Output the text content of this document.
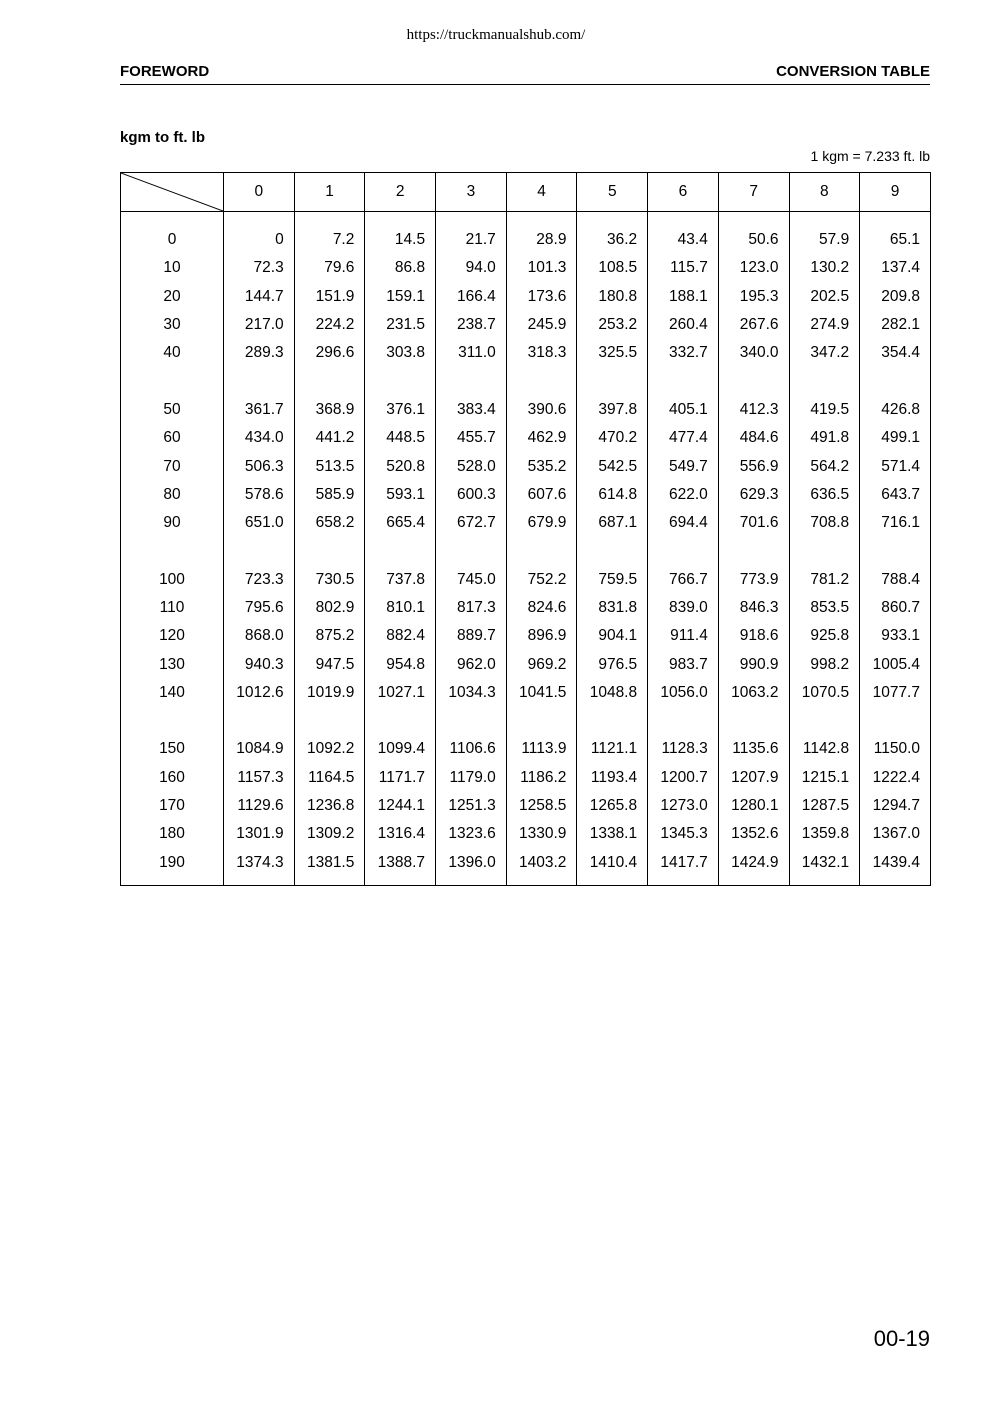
https://truckmanualshub.com/
FOREWORD	CONVERSION TABLE
kgm to ft. lb
1 kgm = 7.233 ft. lb
	0	1	2	3	4	5	6	7	8	9

0	0	7.2	14.5	21.7	28.9	36.2	43.4	50.6	57.9	65.1
10	72.3	79.6	86.8	94.0	101.3	108.5	115.7	123.0	130.2	137.4
20	144.7	151.9	159.1	166.4	173.6	180.8	188.1	195.3	202.5	209.8
30	217.0	224.2	231.5	238.7	245.9	253.2	260.4	267.6	274.9	282.1
40	289.3	296.6	303.8	311.0	318.3	325.5	332.7	340.0	347.2	354.4

50	361.7	368.9	376.1	383.4	390.6	397.8	405.1	412.3	419.5	426.8
60	434.0	441.2	448.5	455.7	462.9	470.2	477.4	484.6	491.8	499.1
70	506.3	513.5	520.8	528.0	535.2	542.5	549.7	556.9	564.2	571.4
80	578.6	585.9	593.1	600.3	607.6	614.8	622.0	629.3	636.5	643.7
90	651.0	658.2	665.4	672.7	679.9	687.1	694.4	701.6	708.8	716.1

100	723.3	730.5	737.8	745.0	752.2	759.5	766.7	773.9	781.2	788.4
110	795.6	802.9	810.1	817.3	824.6	831.8	839.0	846.3	853.5	860.7
120	868.0	875.2	882.4	889.7	896.9	904.1	911.4	918.6	925.8	933.1
130	940.3	947.5	954.8	962.0	969.2	976.5	983.7	990.9	998.2	1005.4
140	1012.6	1019.9	1027.1	1034.3	1041.5	1048.8	1056.0	1063.2	1070.5	1077.7

150	1084.9	1092.2	1099.4	1106.6	1113.9	1121.1	1128.3	1135.6	1142.8	1150.0
160	1157.3	1164.5	1171.7	1179.0	1186.2	1193.4	1200.7	1207.9	1215.1	1222.4
170	1129.6	1236.8	1244.1	1251.3	1258.5	1265.8	1273.0	1280.1	1287.5	1294.7
180	1301.9	1309.2	1316.4	1323.6	1330.9	1338.1	1345.3	1352.6	1359.8	1367.0
190	1374.3	1381.5	1388.7	1396.0	1403.2	1410.4	1417.7	1424.9	1432.1	1439.4

00-19
